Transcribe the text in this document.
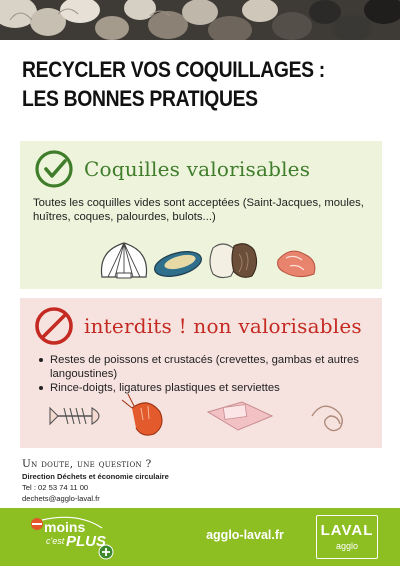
RECYCLER VOS COQUILLAGES :
LES BONNES PRATIQUES
Coquilles valorisables
Toutes les coquilles vides sont acceptées (Saint-Jacques, moules, huîtres, coques, palourdes, bulots...)
interdits ! non valorisables
Restes de poissons et crustacés (crevettes, gambas et autres langoustines)
Rince-doigts, ligatures plastiques et serviettes
Un doute, une question ?
Direction Déchets et économie circulaire
Tel : 02 53 74 11 00
dechets@agglo-laval.fr
moins
c'est PLUS	agglo-laval.fr	LAVAL
agglo
